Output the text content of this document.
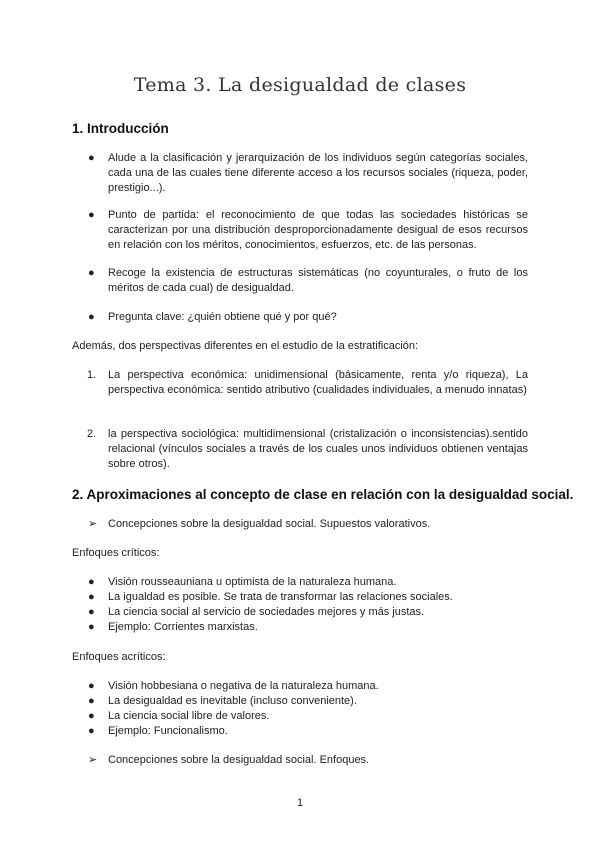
Tema 3. La desigualdad de clases
1. Introducción
● Alude a la clasificación y jerarquización de los individuos según categorías sociales, cada una de las cuales tiene diferente acceso a los recursos sociales (riqueza, poder, prestigio...).
● Punto de partida: el reconocimiento de que todas las sociedades históricas se caracterizan por una distribución desproporcionadamente desigual de esos recursos en relación con los méritos, conocimientos, esfuerzos, etc. de las personas.
● Recoge la existencia de estructuras sistemáticas (no coyunturales, o fruto de los méritos de cada cual) de desigualdad.
● Pregunta clave: ¿quién obtiene qué y por qué?
Además, dos perspectivas diferentes en el estudio de la estratificación:
1. La perspectiva económica: unidimensional (básicamente, renta y/o riqueza), La perspectiva económica: sentido atributivo (cualidades individuales, a menudo innatas)
2. la perspectiva sociológica: multidimensional (cristalización o inconsistencias).sentido relacional (vínculos sociales a través de los cuales unos individuos obtienen ventajas sobre otros).
2. Aproximaciones al concepto de clase en relación con la desigualdad social.
➢ Concepciones sobre la desigualdad social. Supuestos valorativos.
Enfoques críticos:
● Visión rousseauniana u optimista de la naturaleza humana.
● La igualdad es posible. Se trata de transformar las relaciones sociales.
● La ciencia social al servicio de sociedades mejores y más justas.
● Ejemplo: Corrientes marxistas.
Enfoques acríticos:
● Visión hobbesiana o negativa de la naturaleza humana.
● La desigualdad es inevitable (incluso conveniente).
● La ciencia social libre de valores.
● Ejemplo: Funcionalismo.
➢ Concepciones sobre la desigualdad social. Enfoques.
1
